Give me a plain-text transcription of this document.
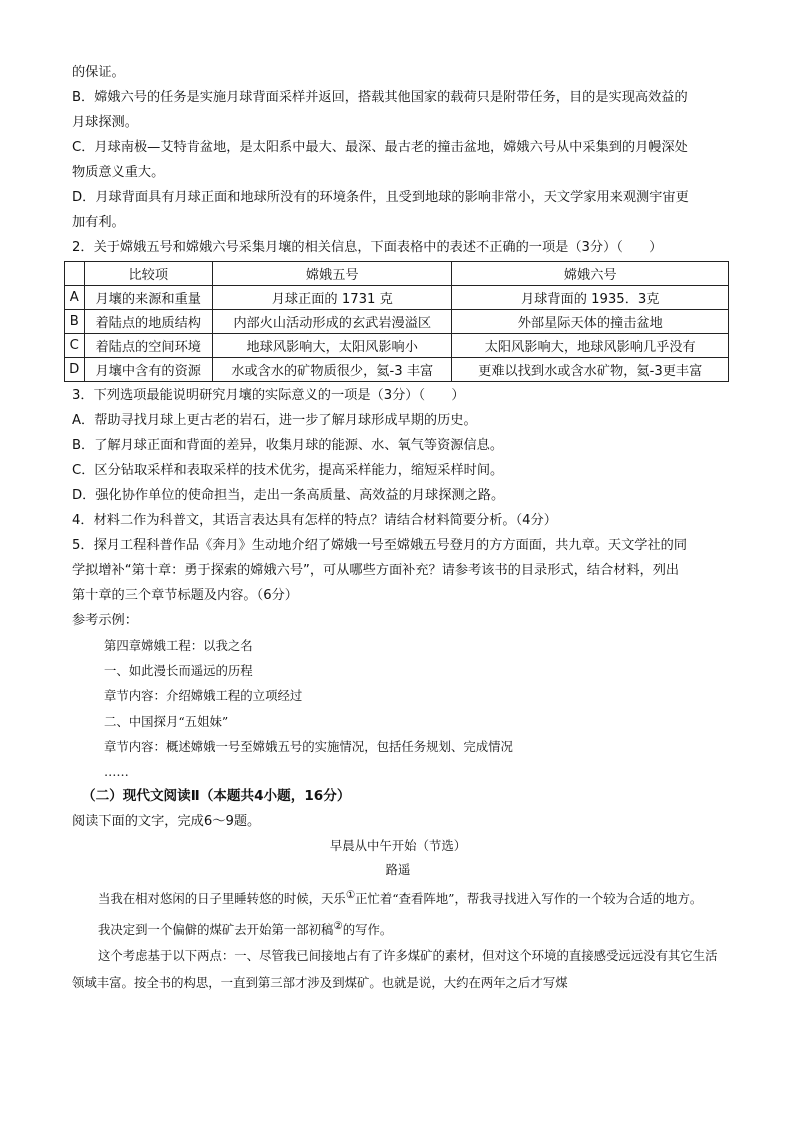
的保证。

B．嫦娥六号的任务是实施月球背面采样并返回，搭载其他国家的载荷只是附带任务，目的是实现高效益的

月球探测。

C．月球南极—艾特肯盆地，是太阳系中最大、最深、最古老的撞击盆地，嫦娥六号从中采集到的月幔深处

物质意义重大。

D．月球背面具有月球正面和地球所没有的环境条件，且受到地球的影响非常小，天文学家用来观测宇宙更

加有利。

2．关于嫦娥五号和嫦娥六号采集月壤的相关信息，下面表格中的表述不正确的一项是（3分）（　　）

	比较项	嫦娥五号	嫦娥六号
A	月壤的来源和重量	月球正面的 1731 克	月球背面的 1935．3克
B	着陆点的地质结构	内部火山活动形成的玄武岩漫溢区	外部星际天体的撞击盆地
C	着陆点的空间环境	地球风影响大，太阳风影响小	太阳风影响大，地球风影响几乎没有
D	月壤中含有的资源	水或含水的矿物质很少，氦-3 丰富	更难以找到水或含水矿物，氦-3更丰富

3．下列选项最能说明研究月壤的实际意义的一项是（3分）（　　）

A．帮助寻找月球上更古老的岩石，进一步了解月球形成早期的历史。

B．了解月球正面和背面的差异，收集月球的能源、水、氧气等资源信息。

C．区分钻取采样和表取采样的技术优劣，提高采样能力，缩短采样时间。

D．强化协作单位的使命担当，走出一条高质量、高效益的月球探测之路。

4．材料二作为科普文，其语言表达具有怎样的特点？请结合材料简要分析。（4分）

5．探月工程科普作品《奔月》生动地介绍了嫦娥一号至嫦娥五号登月的方方面面，共九章。天文学社的同

学拟增补“第十章：勇于探索的嫦娥六号”，可从哪些方面补充？请参考该书的目录形式，结合材料，列出

第十章的三个章节标题及内容。（6分）

参考示例：

第四章嫦娥工程：以我之名

一、如此漫长而遥远的历程

章节内容：介绍嫦娥工程的立项经过

二、中国探月“五姐妹”

章节内容：概述嫦娥一号至嫦娥五号的实施情况，包括任务规划、完成情况

……

（二）现代文阅读Ⅱ（本题共4小题，16分）

阅读下面的文字，完成6～9题。

早晨从中午开始（节选）

路遥

当我在相对悠闲的日子里睡转悠的时候，天乐①正忙着“查看阵地”，帮我寻找进入写作的一个较为合适的地方。

我决定到一个偏僻的煤矿去开始第一部初稿②的写作。

这个考虑基于以下两点：一、尽管我已间接地占有了许多煤矿的素材，但对这个环境的直接感受远远没有其它生活领域丰富。按全书的构思，一直到第三部才涉及到煤矿。也就是说，大约在两年之后才写煤
